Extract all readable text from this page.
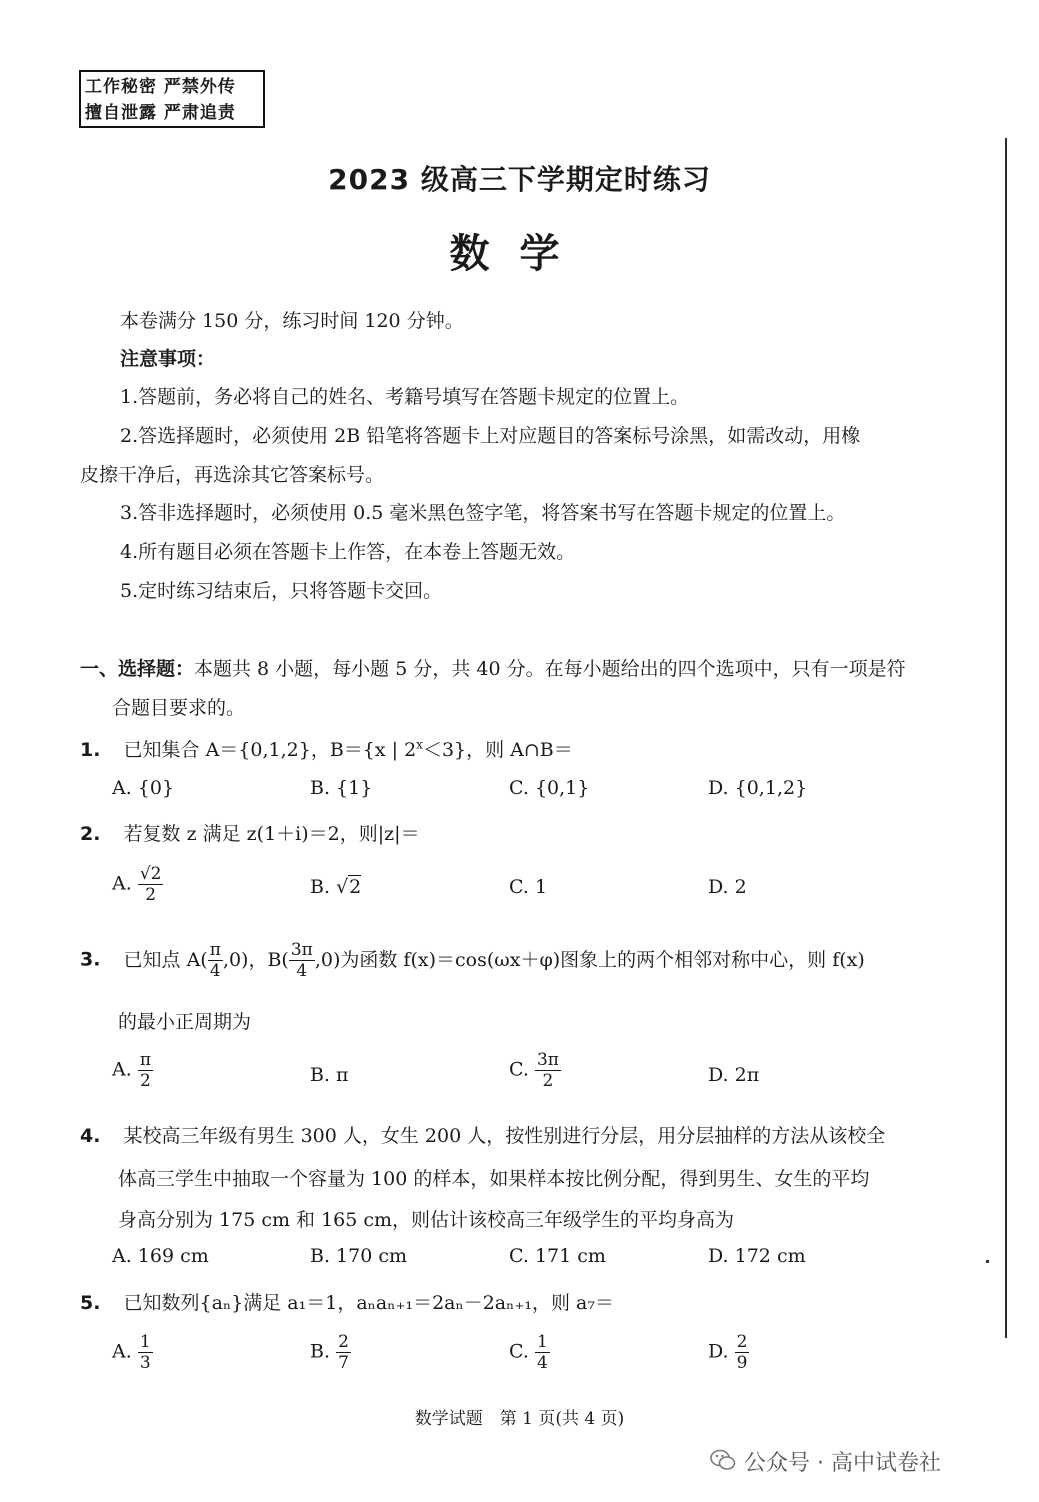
工作秘密 严禁外传
擅自泄露 严肃追责
2023 级高三下学期定时练习
数学
本卷满分 150 分，练习时间 120 分钟。
注意事项：
1.答题前，务必将自己的姓名、考籍号填写在答题卡规定的位置上。
2.答选择题时，必须使用 2B 铅笔将答题卡上对应题目的答案标号涂黑，如需改动，用橡
皮擦干净后，再选涂其它答案标号。
3.答非选择题时，必须使用 0.5 毫米黑色签字笔，将答案书写在答题卡规定的位置上。
4.所有题目必须在答题卡上作答，在本卷上答题无效。
5.定时练习结束后，只将答题卡交回。
一、选择题：本题共 8 小题，每小题 5 分，共 40 分。在每小题给出的四个选项中，只有一项是符
合题目要求的。
1. 已知集合 A＝{0,1,2}，B＝{x | $2^x<3$}，则 A∩B＝
A. {0}	B. {1}	C. {0,1}	D. {0,1,2}
2. 若复数 z 满足 z(1＋i)＝2，则|z|＝
A. $\frac{√2}{2}$	B. √2	C. 1	D. 2
3. 已知点 $A( \frac{\pi}{4} ,0)$，$B( \frac{3\pi}{4} ,0)$为函数 f(x)＝cos(ωx＋φ)图象上的两个相邻对称中心，则 f(x)
的最小正周期为
A. $\frac{\pi}{2}$	B. π	C. $\frac{3\pi}{2}$	D. 2π
4. 某校高三年级有男生 300 人，女生 200 人，按性别进行分层，用分层抽样的方法从该校全
体高三学生中抽取一个容量为 100 的样本，如果样本按比例分配，得到男生、女生的平均
身高分别为 175 cm 和 165 cm，则估计该校高三年级学生的平均身高为
A. 169 cm	B. 170 cm	C. 171 cm	D. 172 cm
5. 已知数列{aₙ}满足 a₁＝1，aₙaₙ₊₁＝2aₙ－2aₙ₊₁，则 a₇＝
A. $\frac{1}{3}$	B. $\frac{2}{7}$	C. $\frac{1}{4}$	D. $\frac{2}{9}$
数学试题　第 1 页(共 4 页)
公众号 · 高中试卷社
